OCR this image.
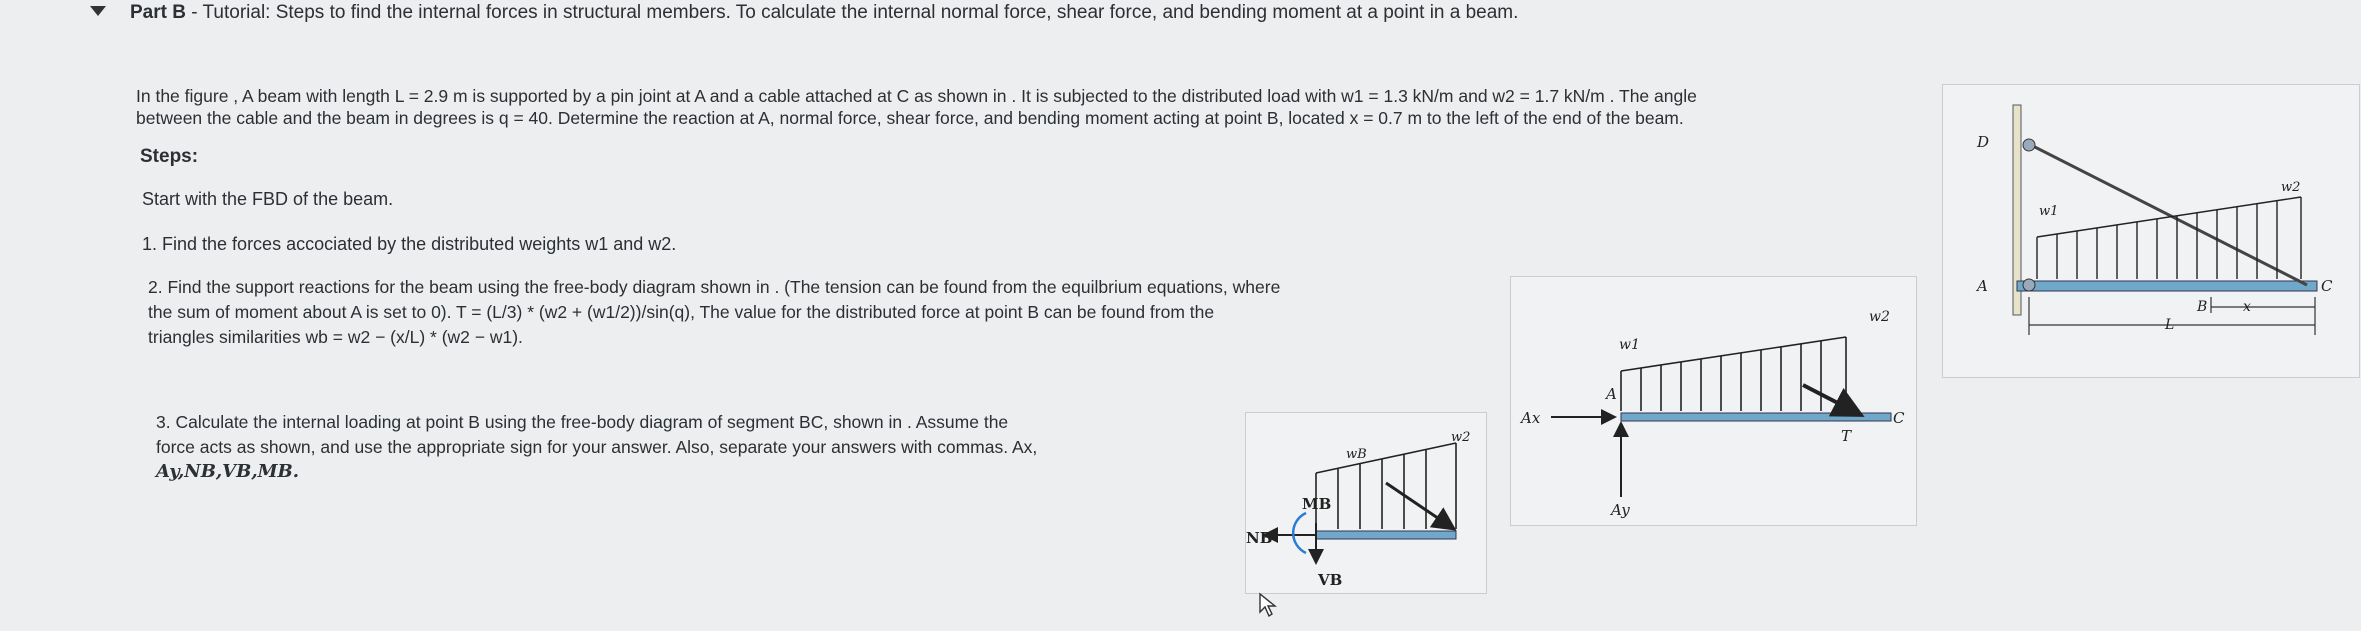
Part B - Tutorial: Steps to find the internal forces in structural members. To calculate the internal normal force, shear force, and bending moment at a point in a beam.
In the figure , A beam with length L = 2.9 m is supported by a pin joint at A and a cable attached at C as shown in . It is subjected to the distributed load with w1 = 1.3 kN/m and w2 = 1.7 kN/m . The angle
between the cable and the beam in degrees is q = 40. Determine the reaction at A, normal force, shear force, and bending moment acting at point B, located x = 0.7 m to the left of the end of the beam.
Steps:
Start with the FBD of the beam.
1. Find the forces accociated by the distributed weights w1 and w2.
2. Find the support reactions for the beam using the free-body diagram shown in . (The tension can be found from the equilbrium equations, where
the sum of moment about A is set to 0). T = (L/3) * (w2 + (w1/2))/sin(q), The value for the distributed force at point B can be found from the
triangles similarities wb = w2 − (x/L) * (w2 − w1).
3. Calculate the internal loading at point B using the free-body diagram of segment BC, shown in . Assume the
force acts as shown, and use the appropriate sign for your answer. Also, separate your answers with commas. Ax,
Ay,NB,VB,MB.
MB
NB
VB
wB
w2
Ax
Ay
A
C
T
w1
w2
D
A	C
L
B	x
w1
w2
